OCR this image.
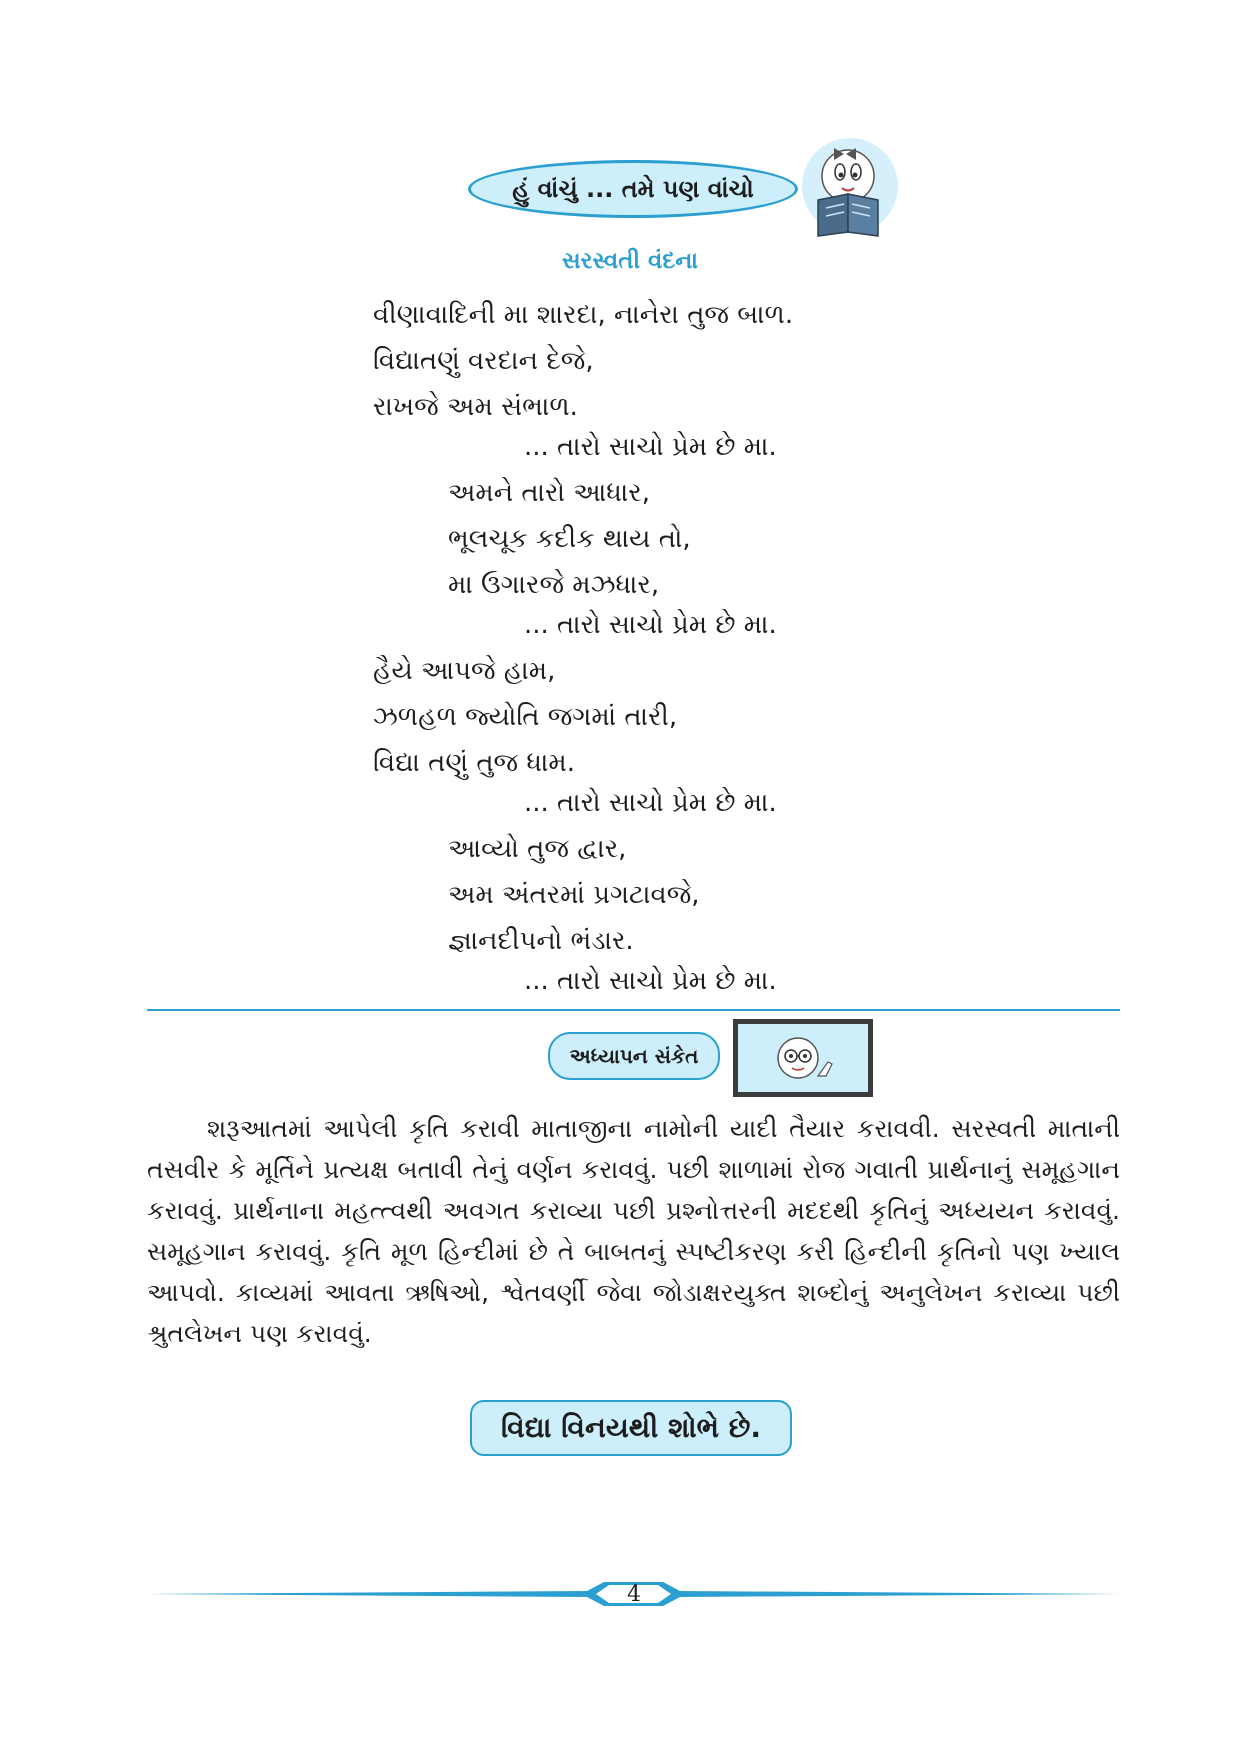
હું વાંચું ... તમે પણ વાંચો
સરસ્વતી વંદના
વીણાવાદિની મા શારદા, નાનેરા તુજ બાળ.
વિદ્યાતણું વરદાન દેજે,
રાખજે અમ સંભાળ.
... તારો સાચો પ્રેમ છે મા.
અમને તારો આધાર,
ભૂલચૂક કદીક થાય તો,
મા ઉગારજે મઝધાર,
... તારો સાચો પ્રેમ છે મા.
હૈયે આપજે હામ,
ઝળહળ જ્યોતિ જગમાં તારી,
વિદ્યા તણું તુજ ધામ.
... તારો સાચો પ્રેમ છે મા.
આવ્યો તુજ દ્વાર,
અમ અંતરમાં પ્રગટાવજે,
જ્ઞાનદીપનો ભંડાર.
... તારો સાચો પ્રેમ છે મા.
અધ્યાપન સંકેત
શરૂઆતમાં આપેલી કૃતિ કરાવી માતાજીના નામોની યાદી તૈયાર કરાવવી. સરસ્વતી માતાની તસવીર કે મૂર્તિને પ્રત્યક્ષ બતાવી તેનું વર્ણન કરાવવું. પછી શાળામાં રોજ ગવાતી પ્રાર્થનાનું સમૂહગાન કરાવવું. પ્રાર્થનાના મહત્ત્વથી અવગત કરાવ્યા પછી પ્રશ્નોત્તરની મદદથી કૃતિનું અધ્યયન કરાવવું. સમૂહગાન કરાવવું. કૃતિ મૂળ હિન્દીમાં છે તે બાબતનું સ્પષ્ટીકરણ કરી હિન્દીની કૃતિનો પણ ખ્યાલ આપવો. કાવ્યમાં આવતા ઋષિઓ, શ્વેતવર્ણી જેવા જોડાક્ષરયુક્ત શબ્દોનું અનુલેખન કરાવ્યા પછી શ્રુતલેખન પણ કરાવવું.
વિદ્યા વિનયથી શોભે છે.
4
